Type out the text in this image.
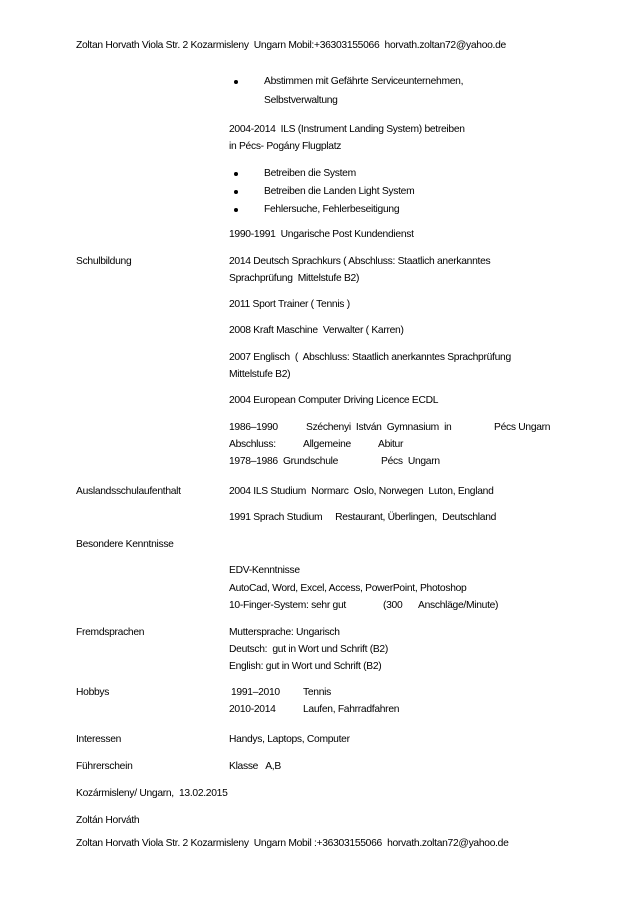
Zoltan Horvath Viola Str. 2 Kozarmisleny  Ungarn Mobil:+36303155066  horvath.zoltan72@yahoo.de
Abstimmen mit Gefährte Serviceunternehmen,
Selbstverwaltung
2004-2014  ILS (Instrument Landing System) betreiben
in Pécs- Pogány Flugplatz
Betreiben die System
Betreiben die Landen Light System
Fehlersuche, Fehlerbeseitigung
1990-1991  Ungarische Post Kundendienst
Schulbildung	2014 Deutsch Sprachkurs ( Abschluss: Staatlich anerkanntes
Sprachprüfung  Mittelstufe B2)
2011 Sport Trainer ( Tennis )
2008 Kraft Maschine  Verwalter ( Karren)
2007 Englisch  (  Abschluss: Staatlich anerkanntes Sprachprüfung
Mittelstufe B2)
2004 European Computer Driving Licence ECDL
1986–1990	Széchenyi  István  Gymnasium  in	Pécs Ungarn
Abschluss:	Allgemeine	Abitur
1978–1986  Grundschule	Pécs  Ungarn
Auslandsschulaufenthalt	2004 ILS Studium  Normarc  Oslo, Norwegen  Luton, England
1991 Sprach Studium     Restaurant, Überlingen,  Deutschland
Besondere Kenntnisse
EDV-Kenntnisse
AutoCad, Word, Excel, Access, PowerPoint, Photoshop
10-Finger-System: sehr gut	(300 Anschläge/Minute)
Fremdsprachen	Muttersprache: Ungarisch
Deutsch:  gut in Wort und Schrift (B2)
English: gut in Wort und Schrift (B2)
Hobbys	1991–2010 Tennis
2010-2014	Laufen, Fahrradfahren
Interessen	Handys, Laptops, Computer
Führerschein	Klasse   A,B
Kozármisleny/ Ungarn,  13.02.2015
Zoltán Horváth
Zoltan Horvath Viola Str. 2 Kozarmisleny  Ungarn Mobil :+36303155066  horvath.zoltan72@yahoo.de
